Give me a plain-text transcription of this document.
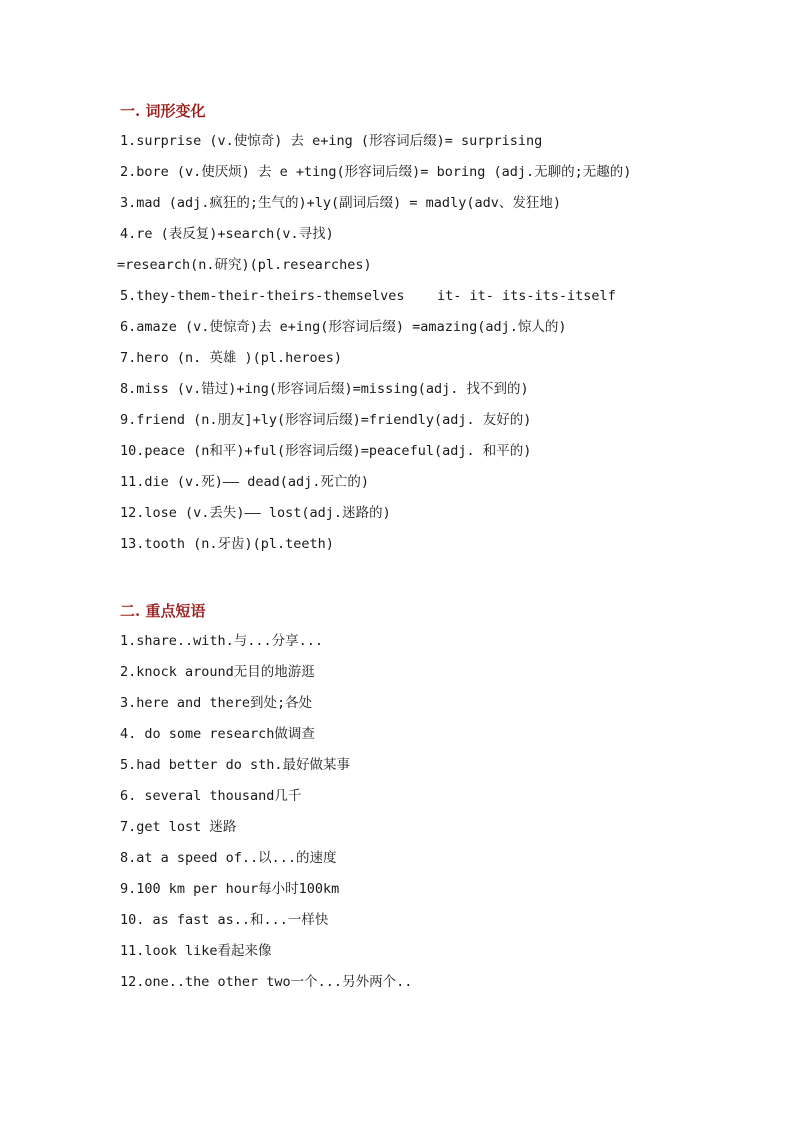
一. 词形变化
1.surprise (v.使惊奇) 去 e+ing (形容词后缀)= surprising
2.bore (v.使厌烦) 去 e +ting(形容词后缀)= boring (adj.无聊的;无趣的)
3.mad (adj.疯狂的;生气的)+ly(副词后缀) = madly(adv、发狂地)
4.re (表反复)+search(v.寻找)
=research(n.研究)(pl.researches)
5.they-them-their-theirs-themselves    it- it- its-its-itself
6.amaze (v.使惊奇)去 e+ing(形容词后缀) =amazing(adj.惊人的)
7.hero (n. 英雄 )(pl.heroes)
8.miss (v.错过)+ing(形容词后缀)=missing(adj. 找不到的)
9.friend (n.朋友]+ly(形容词后缀)=friendly(adj. 友好的)
10.peace (n和平)+ful(形容词后缀)=peaceful(adj. 和平的)
11.die (v.死)—— dead(adj.死亡的)
12.lose (v.丢失)—— lost(adj.迷路的)
13.tooth (n.牙齿)(pl.teeth)
二. 重点短语
1.share..with.与...分享...
2.knock around无目的地游逛
3.here and there到处;各处
4. do some research做调查
5.had better do sth.最好做某事
6. several thousand几千
7.get lost 迷路
8.at a speed of..以...的速度
9.100 km per hour每小时100km
10. as fast as..和...一样快
11.look like看起来像
12.one..the other two一个...另外两个..
